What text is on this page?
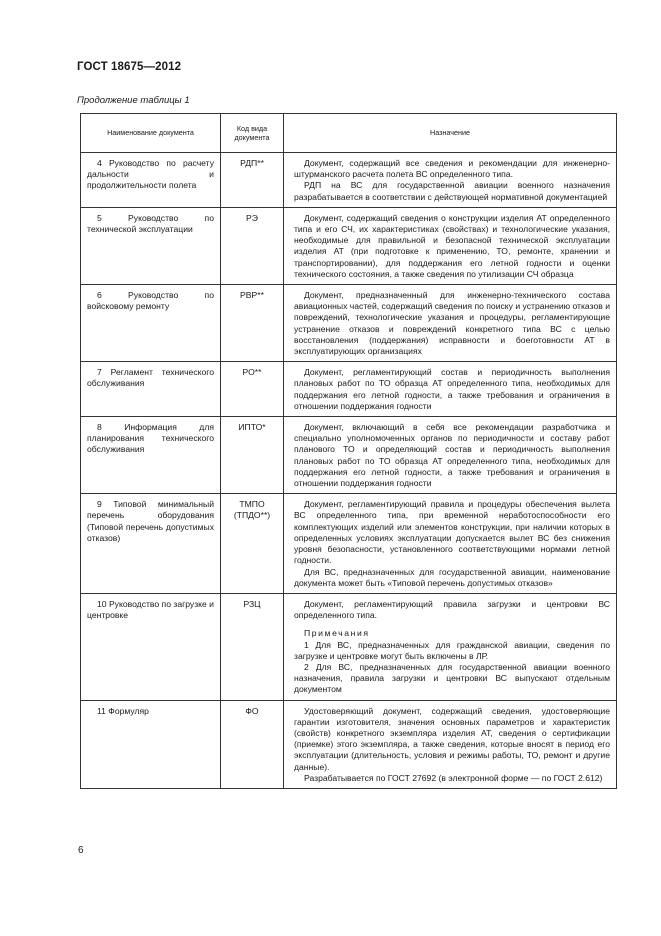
ГОСТ 18675—2012
Продолжение таблицы 1
Наименование документа	Код вида документа	Назначение
4 Руководство по расчету дальности и продолжительности полета	РДП**	Документ, содержащий все сведения и рекомендации для инженерно-штурманского расчета полета ВС определенного типа.

РДП на ВС для государственной авиации военного назначения разрабатывается в соответствии с действующей нормативной документацией

5 Руководство по технической эксплуатации	РЭ	Документ, содержащий сведения о конструкции изделия АТ определенного типа и его СЧ, их характеристиках (свойствах) и технологические указания, необходимые для правильной и безопасной технической эксплуатации изделия АТ (при подготовке к применению, ТО, ремонте, хранении и транспортировании), для поддержания его летной годности и оценки технического состояния, а также сведения по утилизации СЧ образца

6 Руководство по войсковому ремонту	РВР**	Документ, предназначенный для инженерно-технического состава авиационных частей, содержащий сведения по поиску и устранению отказов и повреждений, технологические указания и процедуры, регламентирующие устранение отказов и повреждений конкретного типа ВС с целью восстановления (поддержания) исправности и боеготовности АТ в эксплуатирующих организациях

7 Регламент технического обслуживания	РО**	Документ, регламентирующий состав и периодичность выполнения плановых работ по ТО образца АТ определенного типа, необходимых для поддержания его летной годности, а также требования и ограничения в отношении поддержания годности

8 Информация для планирования технического обслуживания	ИПТО*	Документ, включающий в себя все рекомендации разработчика и специально уполномоченных органов по периодичности и составу работ планового ТО и определяющий состав и периодичность выполнения плановых работ по ТО образца АТ определенного типа, необходимых для поддержания его летной годности, а также требования и ограничения в отношении поддержания годности

9 Типовой минимальный перечень оборудования (Типовой перечень допустимых отказов)	ТМПО (ТПДО**)	Документ, регламентирующий правила и процедуры обеспечения вылета ВС определенного типа, при временной неработоспособности его комплектующих изделий или элементов конструкции, при наличии которых в определенных условиях эксплуатации допускается вылет ВС без снижения уровня безопасности, установленного соответствующими нормами летной годности.

Для ВС, предназначенных для государственной авиации, наименование документа может быть «Типовой перечень допустимых отказов»

10 Руководство по загрузке и центровке	РЗЦ	Документ, регламентирующий правила загрузки и центровки ВС определенного типа.

Примечания

1 Для ВС, предназначенных для гражданской авиации, сведения по загрузке и центровке могут быть включены в ЛР.

2 Для ВС, предназначенных для государственной авиации военного назначения, правила загрузки и центровки ВС выпускают отдельным документом

11 Формуляр	ФО	Удостоверяющий документ, содержащий сведения, удостоверяющие гарантии изготовителя, значения основных параметров и характеристик (свойств) конкретного экземпляра изделия АТ, сведения о сертификации (приемке) этого экземпляра, а также сведения, которые вносят в период его эксплуатации (длительность, условия и режимы работы, ТО, ремонт и другие данные).

Разрабатывается по ГОСТ 27692 (в электронной форме — по ГОСТ 2.612)

6
